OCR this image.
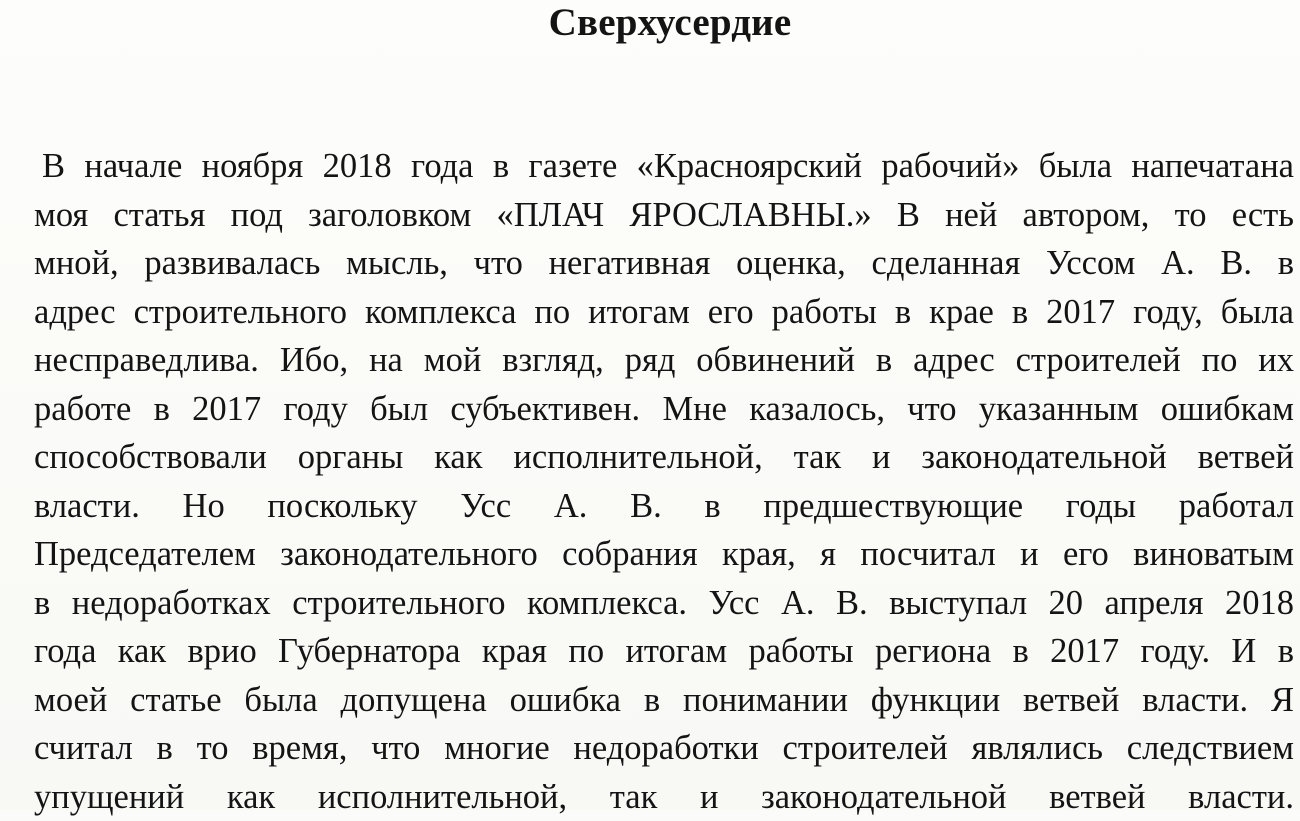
Сверхусердие
В начале ноября 2018 года в газете «Красноярский рабочий» была напечатана
моя статья под заголовком «ПЛАЧ ЯРОСЛАВНЫ.» В ней автором, то есть
мной, развивалась мысль, что негативная оценка, сделанная Уссом А. В. в
адрес строительного комплекса по итогам его работы в крае в 2017 году, была
несправедлива. Ибо, на мой взгляд, ряд обвинений в адрес строителей по их
работе в 2017 году был субъективен. Мне казалось, что указанным ошибкам
способствовали органы как исполнительной, так и законодательной ветвей
власти. Но поскольку Усс А. В. в предшествующие годы работал
Председателем законодательного собрания края, я посчитал и его виноватым
в недоработках строительного комплекса. Усс А. В. выступал 20 апреля 2018
года как врио Губернатора края по итогам работы региона в 2017 году. И в
моей статье была допущена ошибка в понимании функции ветвей власти. Я
считал в то время, что многие недоработки строителей являлись следствием
упущений как исполнительной, так и законодательной ветвей власти.
